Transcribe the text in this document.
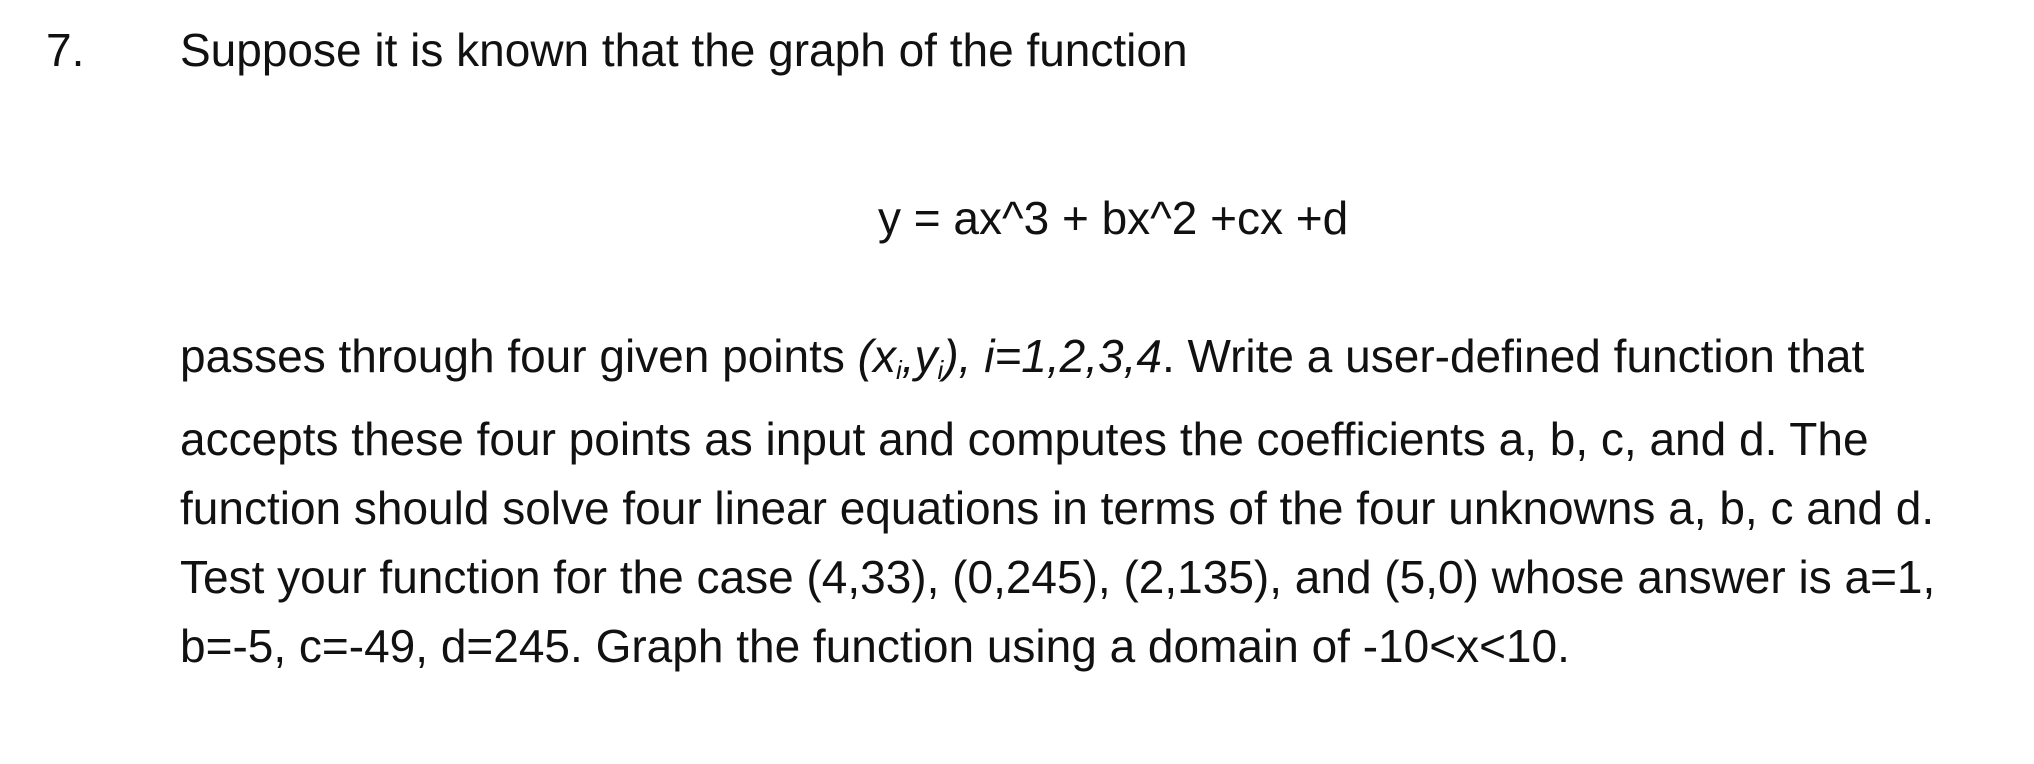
7. Suppose it is known that the graph of the function
y = ax^3 + bx^2 +cx +d
passes through four given points $(x_i,y_i)$, i=1,2,3,4. Write a user-defined function that
accepts these four points as input and computes the coefficients a, b, c, and d. The
function should solve four linear equations in terms of the four unknowns a, b, c and d.
Test your function for the case (4,33), (0,245), (2,135), and (5,0) whose answer is a=1,
b=-5, c=-49, d=245. Graph the function using a domain of -10<x<10.
